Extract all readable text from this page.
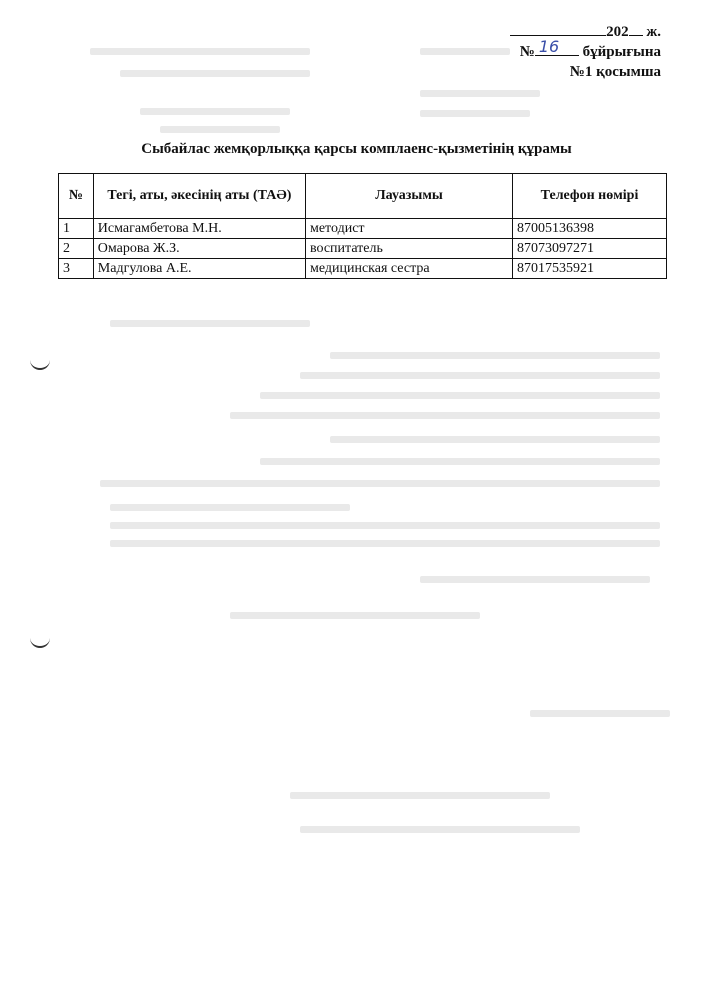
202 ж.
№ 16 бұйрығына
№1 қосымша
Сыбайлас жемқорлыққа қарсы комплаенс-қызметінің құрамы
№	Тегі, аты, әкесінің аты (ТАӘ)	Лауазымы	Телефон нөмірі
1	Исмагамбетова М.Н.	методист	87005136398
2	Омарова Ж.З.	воспитатель	87073097271
3	Мадгулова А.Е.	медицинская сестра	87017535921
